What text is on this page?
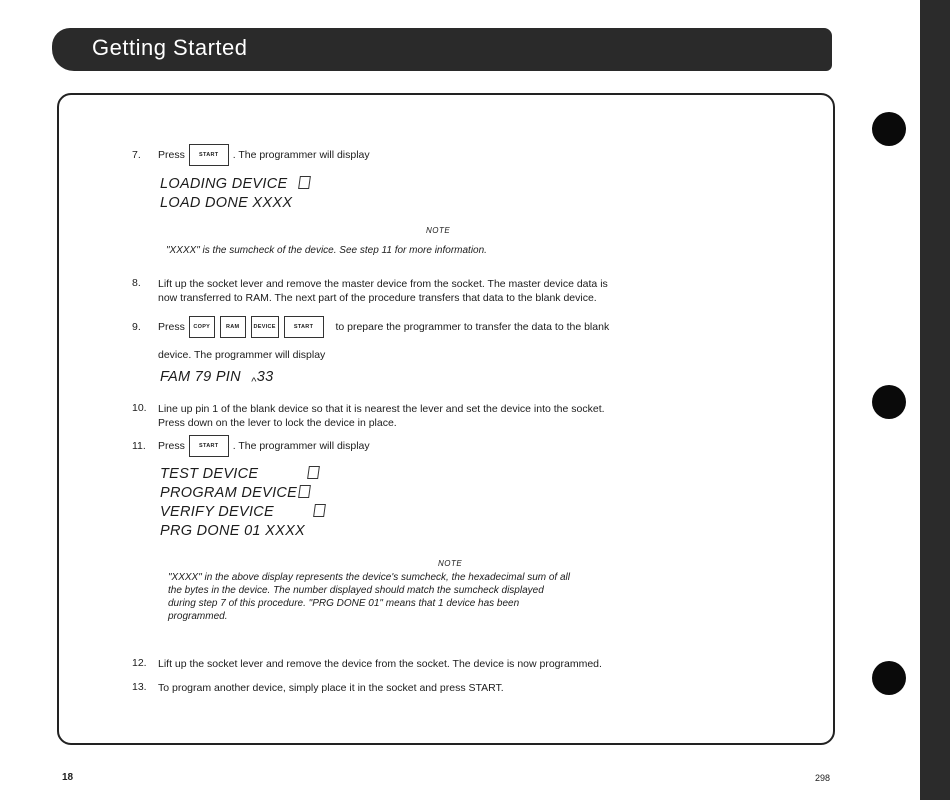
Getting Started
7. Press	START . The programmer will display
LOADING DEVICE
LOAD DONE XXXX
NOTE
"XXXX" is the sumcheck of the device. See step 11 for more information.
8. Lift up the socket lever and remove the master device from the socket. The master device data is
now transferred to RAM. The next part of the procedure transfers that data to the blank device.
9. Press COPY	RAM	DEVICE	START to prepare the programmer to transfer the data to the blank
device. The programmer will display
FAM 79 PIN $_{\^{}}$33
10. Line up pin 1 of the blank device so that it is nearest the lever and set the device into the socket.
Press down on the lever to lock the device in place.
11. Press	START . The programmer will display
TEST DEVICE
PROGRAM DEVICE
VERIFY DEVICE
PRG DONE 01 XXXX
NOTE
"XXXX" in the above display represents the device's sumcheck, the hexadecimal sum of all
the bytes in the device. The number displayed should match the sumcheck displayed
during step 7 of this procedure. "PRG DONE 01" means that 1 device has been
programmed.
12. Lift up the socket lever and remove the device from the socket. The device is now programmed.
13. To program another device, simply place it in the socket and press START.
18	298
